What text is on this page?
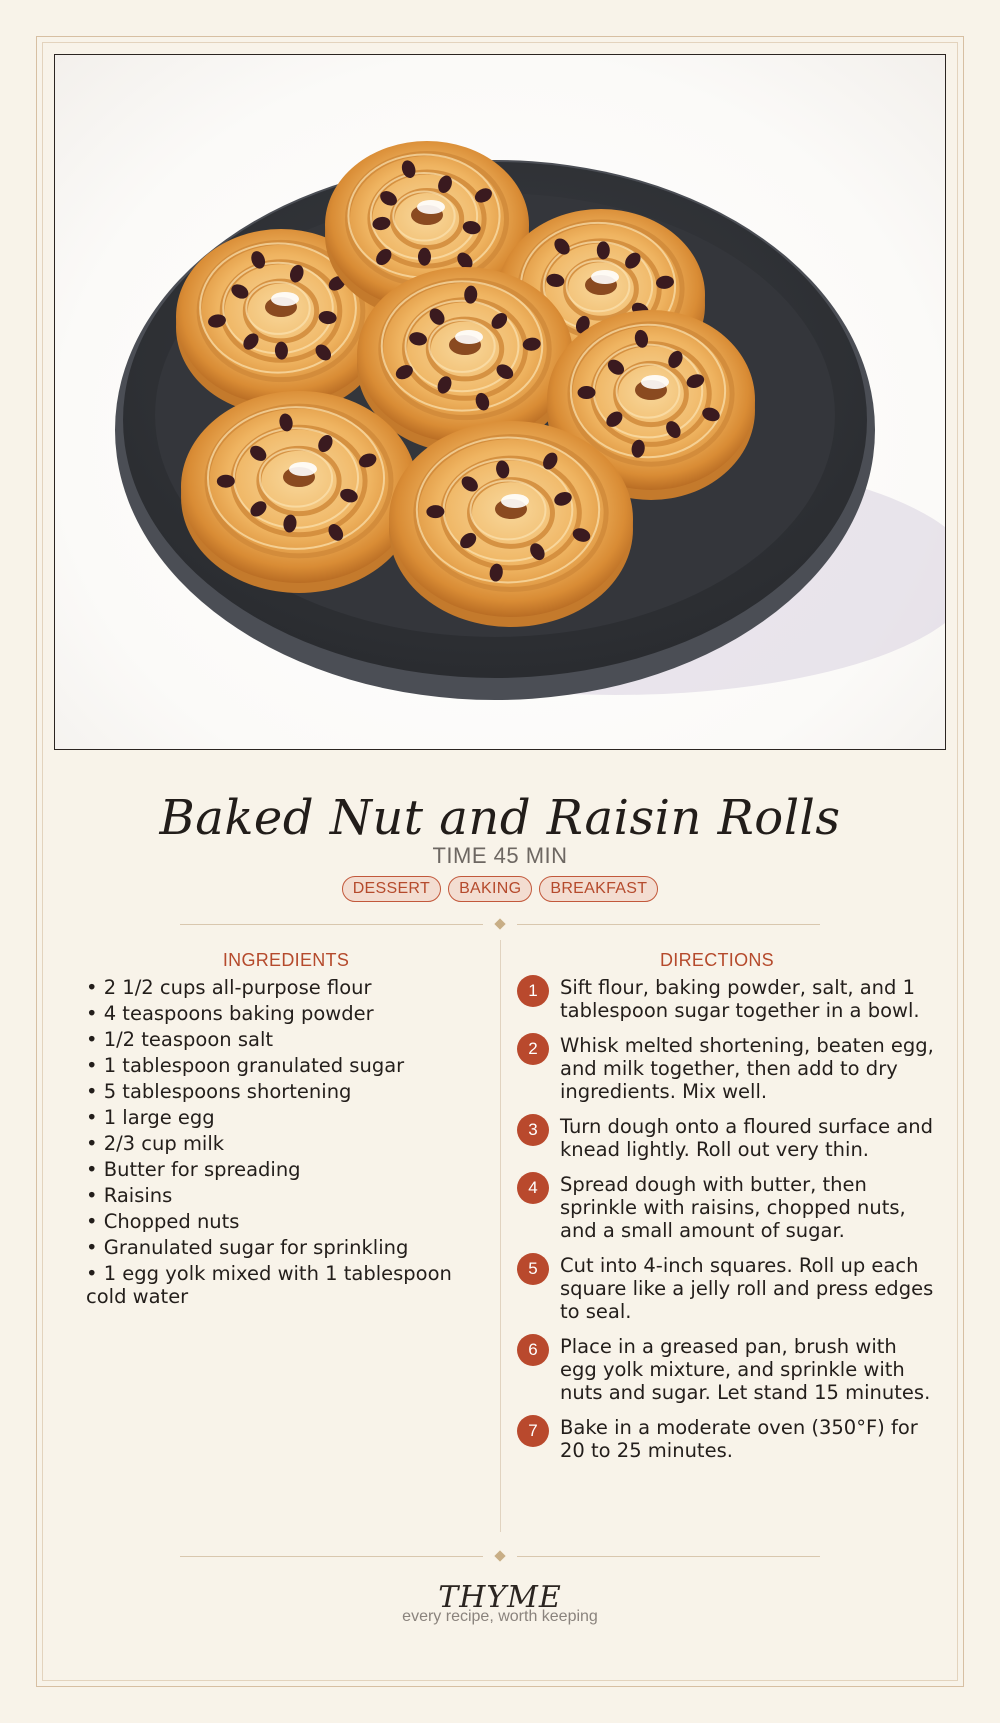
Baked Nut and Raisin Rolls
TIME 45 MIN
DESSERT	BAKING	BREAKFAST
INGREDIENTS	DIRECTIONS
• 2 1/2 cups all-purpose flour
• 4 teaspoons baking powder
• 1/2 teaspoon salt
• 1 tablespoon granulated sugar
• 5 tablespoons shortening
• 1 large egg
• 2/3 cup milk
• Butter for spreading
• Raisins
• Chopped nuts
• Granulated sugar for sprinkling
• 1 egg yolk mixed with 1 tablespoon cold water
1	Sift flour, baking powder, salt, and 1 tablespoon sugar together in a bowl.
2	Whisk melted shortening, beaten egg, and milk together, then add to dry ingredients. Mix well.
3	Turn dough onto a floured surface and knead lightly. Roll out very thin.
4	Spread dough with butter, then sprinkle with raisins, chopped nuts, and a small amount of sugar.
5	Cut into 4-inch squares. Roll up each square like a jelly roll and press edges to seal.
6	Place in a greased pan, brush with egg yolk mixture, and sprinkle with nuts and sugar. Let stand 15 minutes.
7	Bake in a moderate oven (350°F) for 20 to 25 minutes.
THYME
every recipe, worth keeping
